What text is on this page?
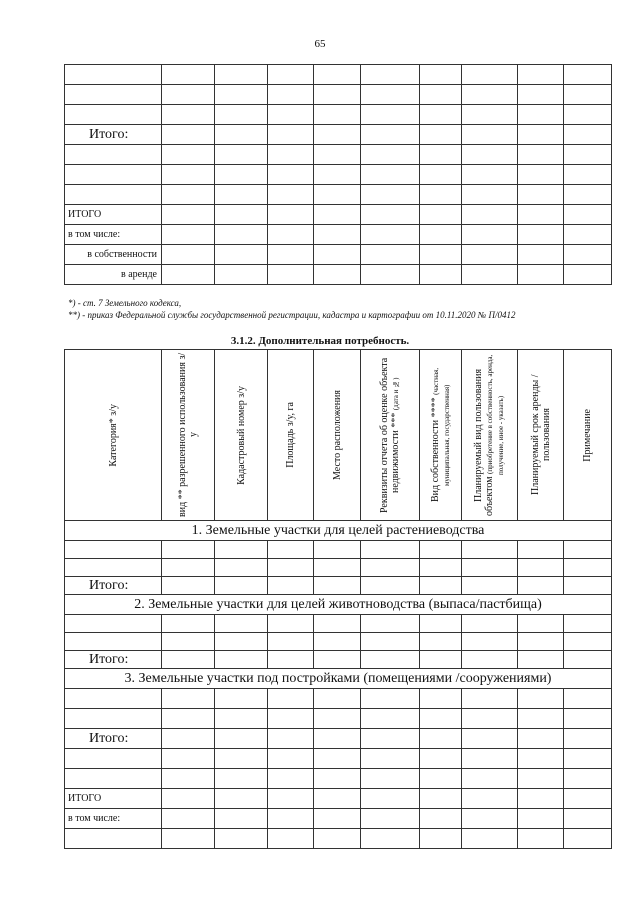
65

Итого:									

ИТОГО									
в том числе:									
в собственности									
в аренде									
*) - ст. 7 Земельного кодекса,
**) - приказ Федеральной службы государственной регистрации, кадастра и картографии от 10.11.2020 № П/0412
3.1.2. Дополнительная потребность.
Категория* з/у	вид ** разрешенного использования з/у	Кадастровый номер з/у	Площадь з/у, га	Место расположения	Реквизиты отчета об оценке объекта недвижимости *** (дата и №)	Вид собственности **** (частная, муниципальная, государственная)	Планируемый вид пользования объектом (приобретение в собственность, аренда, получение, иное - указать)	Планируемый срок аренды /пользования	Примечание

1. Земельные участки для целей растениеводства									

Итого:									
2. Земельные участки для целей животноводства (выпаса/пастбища)									

Итого:									
3. Земельные участки под постройками (помещениями /сооружениями)									

Итого:									

ИТОГО									
в том числе:									
